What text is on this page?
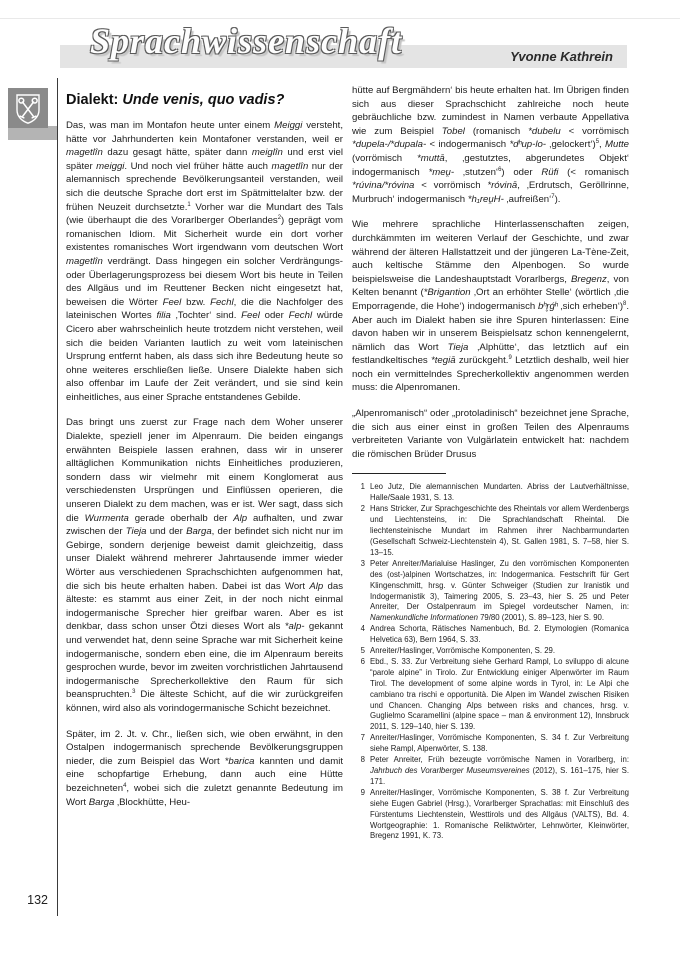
Sprachwissenschaft	Yvonne Kathrein
132
Dialekt: Unde venis, quo vadis?

Das, was man im Montafon heute unter einem Meiggi versteht, hätte vor Jahrhunderten kein Montafoner verstanden, weil er magetlîn dazu gesagt hätte, später dann meiglîn und erst viel später meiggi. Und noch viel früher hätte auch magetlîn nur der alemannisch sprechende Bevölkerungsanteil verstanden, weil sich die deutsche Sprache dort erst im Spätmittelalter bzw. der frühen Neuzeit durchsetzte.$^1$ Vorher war die Mundart des Tals (wie überhaupt die des Vorarlberger Oberlandes$^2$) geprägt vom romanischen Idiom. Mit Sicherheit wurde ein dort vorher existentes romanisches Wort irgendwann vom deutschen Wort magetlîn verdrängt. Dass hingegen ein solcher Verdrängungs- oder Überlagerungsprozess bei diesem Wort bis heute in Teilen des Allgäus und im Reuttener Becken nicht eingesetzt hat, beweisen die Wörter Feel bzw. Fechl, die die Nachfolger des lateinischen Wortes filia ‚Tochter‘ sind. Feel oder Fechl würde Cicero aber wahrscheinlich heute trotzdem nicht verstehen, weil sich die beiden Varianten lautlich zu weit vom lateinischen Ursprung entfernt haben, als dass sich ihre Bedeutung heute so ohne weiteres erschließen ließe. Unsere Dialekte haben sich also offenbar im Laufe der Zeit verändert, und sie sind kein einheitliches, aus einer Sprache entstandenes Gebilde.

Das bringt uns zuerst zur Frage nach dem Woher unserer Dialekte, speziell jener im Alpenraum. Die beiden eingangs erwähnten Beispiele lassen erahnen, dass wir in unserer alltäglichen Kommunikation nichts Einheitliches produzieren, sondern dass wir vielmehr mit einem Konglomerat aus verschiedensten Ursprüngen und Einflüssen operieren, die unseren Dialekt zu dem machen, was er ist. Wer sagt, dass sich die Wurmenta gerade oberhalb der Alp aufhalten, und zwar zwischen der Tieja und der Barga, der befindet sich nicht nur im Gebirge, sondern derjenige beweist damit gleichzeitig, dass unser Dialekt während mehrerer Jahrtausende immer wieder Wörter aus verschiedenen Sprachschichten aufgenommen hat, die sich bis heute erhalten haben. Dabei ist das Wort Alp das älteste: es stammt aus einer Zeit, in der noch nicht einmal indogermanische Sprecher hier greifbar waren. Aber es ist denkbar, dass schon unser Ötzi dieses Wort als *alp- gekannt und verwendet hat, denn seine Sprache war mit Sicherheit keine indogermanische, sondern eben eine, die im Alpenraum bereits gesprochen wurde, bevor im zweiten vorchristlichen Jahrtausend indogermanische Sprecherkollektive den Raum für sich beanspruchten.$^3$ Die älteste Schicht, auf die wir zurückgreifen können, wird also als vorindogermanische Schicht bezeichnet.

Später, im 2. Jt. v. Chr., ließen sich, wie oben erwähnt, in den Ostalpen indogermanisch sprechende Bevölkerungsgruppen nieder, die zum Beispiel das Wort *barica kannten und damit eine schopfartige Erhebung, dann auch eine Hütte bezeichneten$^4$, wobei sich die zuletzt genannte Bedeutung im Wort Barga ‚Blockhütte, Heu-

hütte auf Bergmähdern‘ bis heute erhalten hat. Im Übrigen finden sich aus dieser Sprachschicht zahlreiche noch heute gebräuchliche bzw. zumindest in Namen verbaute Appellativa wie zum Beispiel Tobel (romanisch *dubelu < vorrömisch *dupela-/*dupala- < indogermanisch *dʰup-lo- ‚gelockert‘)$^5$, Mutte (vorrömisch *muttā, ‚gestutztes, abgerundetes Objekt‘ indogermanisch *meu̯- ‚stutzen‘$^6$) oder Rüfi (< romanisch *rúvina/*róvina < vorrömisch *róvinā, ‚Erdrutsch, Geröllrinne, Murbruch‘ indogermanisch *h₁reu̯H- ‚aufreißen‘$^7$).

Wie mehrere sprachliche Hinterlassenschaften zeigen, durchkämmten im weiteren Verlauf der Geschichte, und zwar während der älteren Hallstattzeit und der jüngeren La-Tène-Zeit, auch keltische Stämme den Alpenbogen. So wurde beispielsweise die Landeshauptstadt Vorarlbergs, Bregenz, von Kelten benannt (*Brigantion ‚Ort an erhöhter Stelle‘ (wörtlich ‚die Emporragende, die Hohe‘) indogermanisch bʰr̥ǵʰ ‚sich erheben‘)$^8$. Aber auch im Dialekt haben sie ihre Spuren hinterlassen: Eine davon haben wir in unserem Beispielsatz schon kennengelernt, nämlich das Wort Tieja ‚Alphütte‘, das letztlich auf ein festlandkeltisches *tegiā zurückgeht.$^9$ Letztlich deshalb, weil hier noch ein vermittelndes Sprecherkollektiv angenommen werden muss: die Alpenromanen.

„Alpenromanisch“ oder „protoladinisch“ bezeichnet jene Sprache, die sich aus einer einst in großen Teilen des Alpenraums verbreiteten Variante von Vulgärlatein entwickelt hat: nachdem die römischen Brüder Drusus

1 Leo Jutz, Die alemannischen Mundarten. Abriss der Lautverhältnisse, Halle/Saale 1931, S. 13.
2 Hans Stricker, Zur Sprachgeschichte des Rheintals vor allem Werdenbergs und Liechtensteins, in: Die Sprachlandschaft Rheintal. Die liechtensteinische Mundart im Rahmen ihrer Nachbarmundarten (Gesellschaft Schweiz-Liechtenstein 4), St. Gallen 1981, S. 7–58, hier S. 13–15.
3 Peter Anreiter/Marialuise Haslinger, Zu den vorrömischen Komponenten des (ost-)alpinen Wortschatzes, in: Indogermanica. Festschrift für Gert Klingenschmitt, hrsg. v. Günter Schweiger (Studien zur Iranistik und Indogermanistik 3), Taimering 2005, S. 23–43, hier S. 25 und Peter Anreiter, Der Ostalpenraum im Spiegel vordeutscher Namen, in: Namenkundliche Informationen 79/80 (2001), S. 89–123, hier S. 90.
4 Andrea Schorta, Rätisches Namenbuch, Bd. 2. Etymologien (Romanica Helvetica 63), Bern 1964, S. 33.
5 Anreiter/Haslinger, Vorrömische Komponenten, S. 29.
6 Ebd., S. 33. Zur Verbreitung siehe Gerhard Rampl, Lo sviluppo di alcune “parole alpine” in Tirolo. Zur Entwicklung einiger Alpenwörter im Raum Tirol. The development of some alpine words in Tyrol, in: Le Alpi che cambiano tra rischi e opportunità. Die Alpen im Wandel zwischen Risiken und Chancen. Changing Alps between risks and chances, hrsg. v. Guglielmo Scaramellini (alpine space – man & environment 12), Innsbruck 2011, S. 129–140, hier S. 139.
7 Anreiter/Haslinger, Vorrömische Komponenten, S. 34 f. Zur Verbreitung siehe Rampl, Alpenwörter, S. 138.
8 Peter Anreiter, Früh bezeugte vorrömische Namen in Vorarlberg, in: Jahrbuch des Vorarlberger Museumsvereines (2012), S. 161–175, hier S. 171.
9 Anreiter/Haslinger, Vorrömische Komponenten, S. 38 f. Zur Verbreitung siehe Eugen Gabriel (Hrsg.), Vorarlberger Sprachatlas: mit Einschluß des Fürstentums Liechtenstein, Westtirols und des Allgäus (VALTS), Bd. 4. Wortgeographie: 1. Romanische Reliktwörter, Lehnwörter, Kleinwörter, Bregenz 1991, K. 73.
